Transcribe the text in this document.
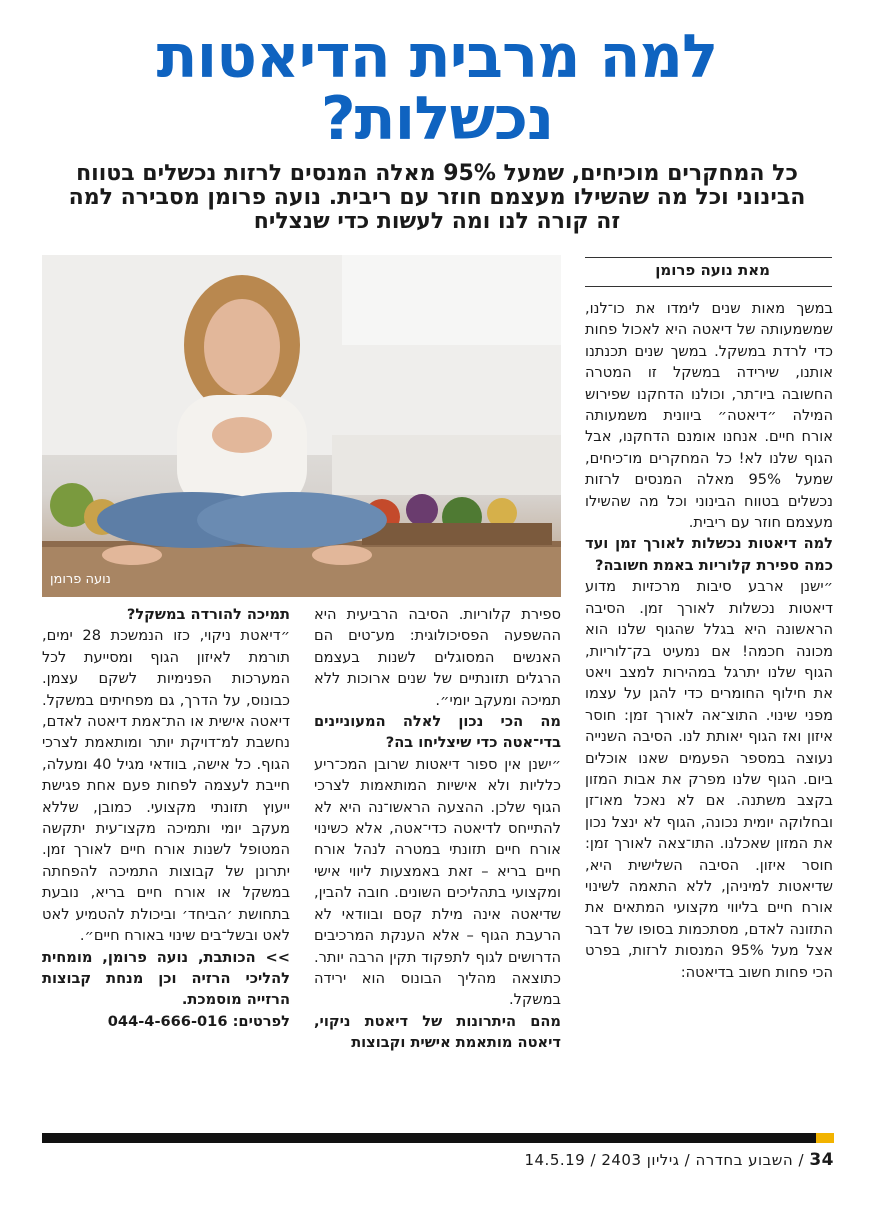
למה מרבית הדיאטות
נכשלות?
כל המחקרים מוכיחים, שמעל 95% מאלה המנסים לרזות נכשלים בטווח הבינוני וכל מה שהשילו מעצמם חוזר עם ריבית. נועה פרומן מסבירה למה זה קורה לנו ומה לעשות כדי שנצליח
נועה פרומן
מאת נועה פרומן

במשך מאות שנים לימדו את כו־לנו, שמשמעותה של דיאטה היא לאכול פחות כדי לרדת במשקל. במשך שנים תכנתנו אותנו, שירידה במשקל זו המטרה החשובה ביו־תר, וכולנו הדחקנו שפירוש המילה ״דיאטה״ ביוונית משמעותה אורח חיים. אנחנו אומנם הדחקנו, אבל הגוף שלנו לא! כל המחקרים מו־כיחים, שמעל 95% מאלה המנסים לרזות נכשלים בטווח הבינוני וכל מה שהשילו מעצמם חוזר עם ריבית.

למה דיאטות נכשלות לאורך זמן ועד כמה ספירת קלוריות באמת חשובה?

״ישנן ארבע סיבות מרכזיות מדוע דיאטות נכשלות לאורך זמן. הסיבה הראשונה היא בגלל שהגוף שלנו הוא מכונה חכמה! אם נמעיט בק־לוריות, הגוף שלנו יתרגל במהירות למצב ויאט את חילוף החומרים כדי להגן על עצמו מפני שינוי. התוצ־אה לאורך זמן: חוסר איזון ואז הגוף יאותת לנו. הסיבה השנייה נעוצה במספר הפעמים שאנו אוכלים ביום. הגוף שלנו מפרק את אבות המזון בקצב משתנה. אם לא נאכל מאו־זן ובחלוקה יומית נכונה, הגוף לא ינצל נכון את המזון שאכלנו. התו־צאה לאורך זמן: חוסר איזון. הסיבה השלישית היא, שדיאטות למיניהן, ללא התאמה לשינוי אורח חיים בליווי מקצועי המתאים את התזונה לאדם, מסתכמות בסופו של דבר אצל מעל 95% המנסות לרזות, בפרט הכי פחות חשוב בדיאטה:

ספירת קלוריות. הסיבה הרביעית היא ההשפעה הפסיכולוגית: מע־טים הם האנשים המסוגלים לשנות בעצמם הרגלים תזונתיים של שנים ארוכות ללא תמיכה ומעקב יומי״.

מה הכי נכון לאלה המעוניינים בדי־אטה כדי שיצליחו בה?

״ישנן אין ספור דיאטות שרובן המכ־ריע כלליות ולא אישיות המותאמות לצרכי הגוף שלכן. ההצעה הראשו־נה היא לא להתייחס לדיאטה כדי־אטה, אלא כשינוי אורח חיים תזונתי במטרה לנהל אורח חיים בריא – זאת באמצעות ליווי אישי ומקצועי בתהליכים השונים. חובה להבין, שדיאטה אינה מילת קסם ובוודאי לא הרעבת הגוף – אלא הענקת המרכיבים הדרושים לגוף לתפקוד תקין הרבה יותר. כתוצאה מהליך הבונוס הוא ירידה במשקל.

מהם היתרונות של דיאטת ניקוי, דיאטה מותאמת אישית וקבוצות

תמיכה להורדה במשקל?

״דיאטת ניקוי, כזו הנמשכת 28 ימים, תורמת לאיזון הגוף ומסייעת לכל המערכות הפנימיות לשקם עצמן. כבונוס, על הדרך, גם מפחיתים במשקל. דיאטה אישית או הת־אמת דיאטה לאדם, נחשבת למ־דויקת יותר ומותאמת לצרכי הגוף. כל אישה, בוודאי מגיל 40 ומעלה, חייבת לעצמה לפחות פעם אחת פגישת ייעוץ תזונתי מקצועי. כמובן, שללא מעקב יומי ותמיכה מקצו־עית יתקשה המטופל לשנות אורח חיים לאורך זמן. יתרונן של קבוצות התמיכה להפחתה במשקל או אורח חיים בריא, נובעת בתחושת ׳הביחד׳ וביכולת להטמיע לאט לאט ובשל־בים שינוי באורח חיים״.

>> הכותבת, נועה פרומן, מומחית להליכי הרזיה וכן מנחת קבוצות הרזייה מוסמכת.

לפרטים: 044-4-666-016

34 / השבוע בחדרה / גיליון 2403 / 14.5.19
